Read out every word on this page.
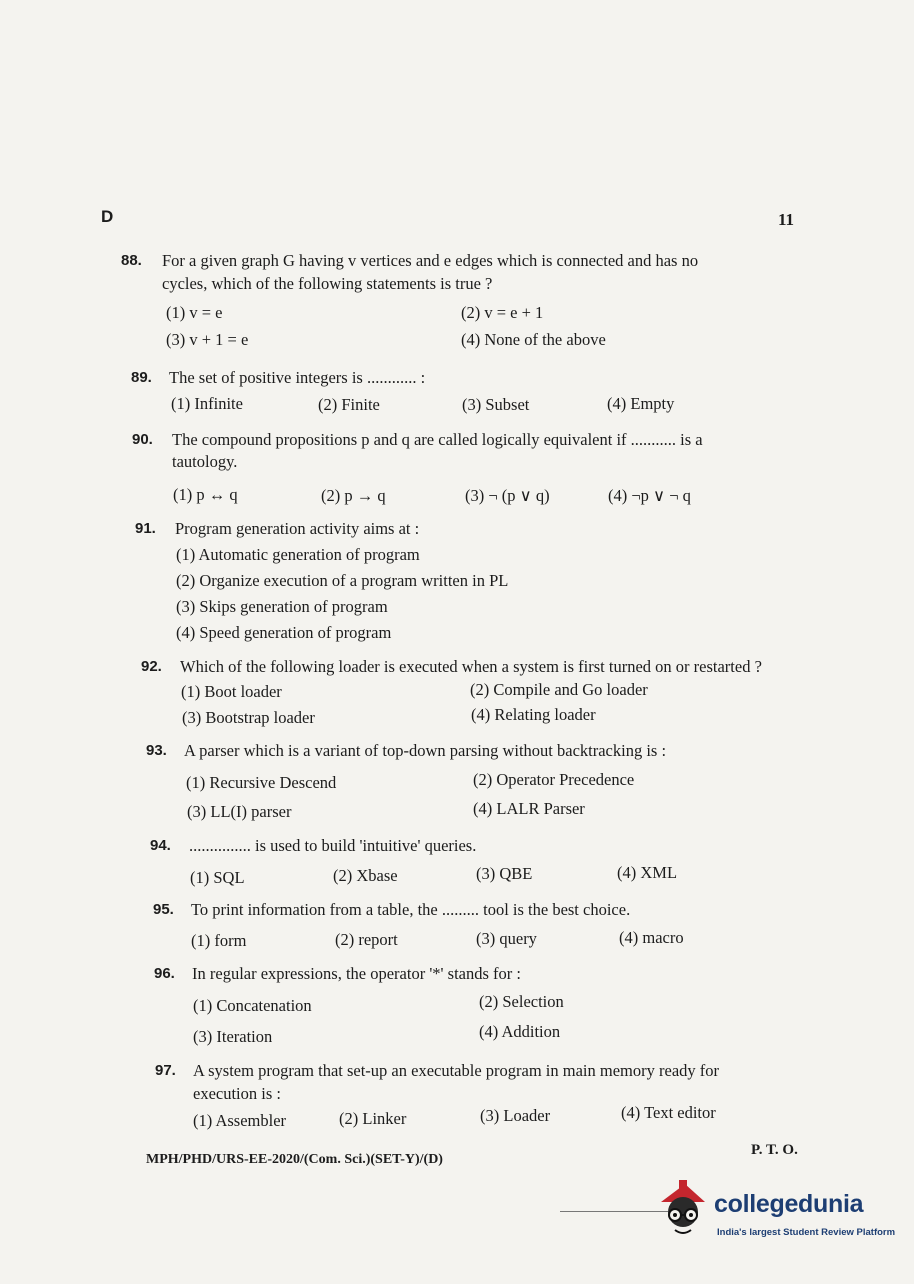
D	11
88. For a given graph G having v vertices and e edges which is connected and has no
cycles, which of the following statements is true ?
(1) v = e	(2) v = e + 1
(3) v + 1 = e	(4) None of the above
89. The set of positive integers is ............ :
(1) Infinite	(2) Finite	(3) Subset	(4) Empty
90. The compound propositions p and q are called logically equivalent if ........... is a
tautology.
(1) p ↔ q	(2) p → q	(3) ¬ (p ∨ q)	(4) ¬p ∨ ¬ q
91. Program generation activity aims at :
(1) Automatic generation of program
(2) Organize execution of a program written in PL
(3) Skips generation of program
(4) Speed generation of program
92. Which of the following loader is executed when a system is first turned on or restarted ?
(1) Boot loader	(2) Compile and Go loader
(3) Bootstrap loader	(4) Relating loader
93. A parser which is a variant of top-down parsing without backtracking is :
(1) Recursive Descend	(2) Operator Precedence
(3) LL(I) parser	(4) LALR Parser
94. ............... is used to build 'intuitive' queries.
(1) SQL	(2) Xbase	(3) QBE	(4) XML
95. To print information from a table, the ......... tool is the best choice.
(1) form	(2) report	(3) query	(4) macro
96. In regular expressions, the operator '*' stands for :
(1) Concatenation	(2) Selection
(3) Iteration	(4) Addition
97. A system program that set-up an executable program in main memory ready for
execution is :
(1) Assembler	(2) Linker	(3) Loader	(4) Text editor
MPH/PHD/URS-EE-2020/(Com. Sci.)(SET-Y)/(D)
P. T. O.
collegedunia
India's largest Student Review Platform
